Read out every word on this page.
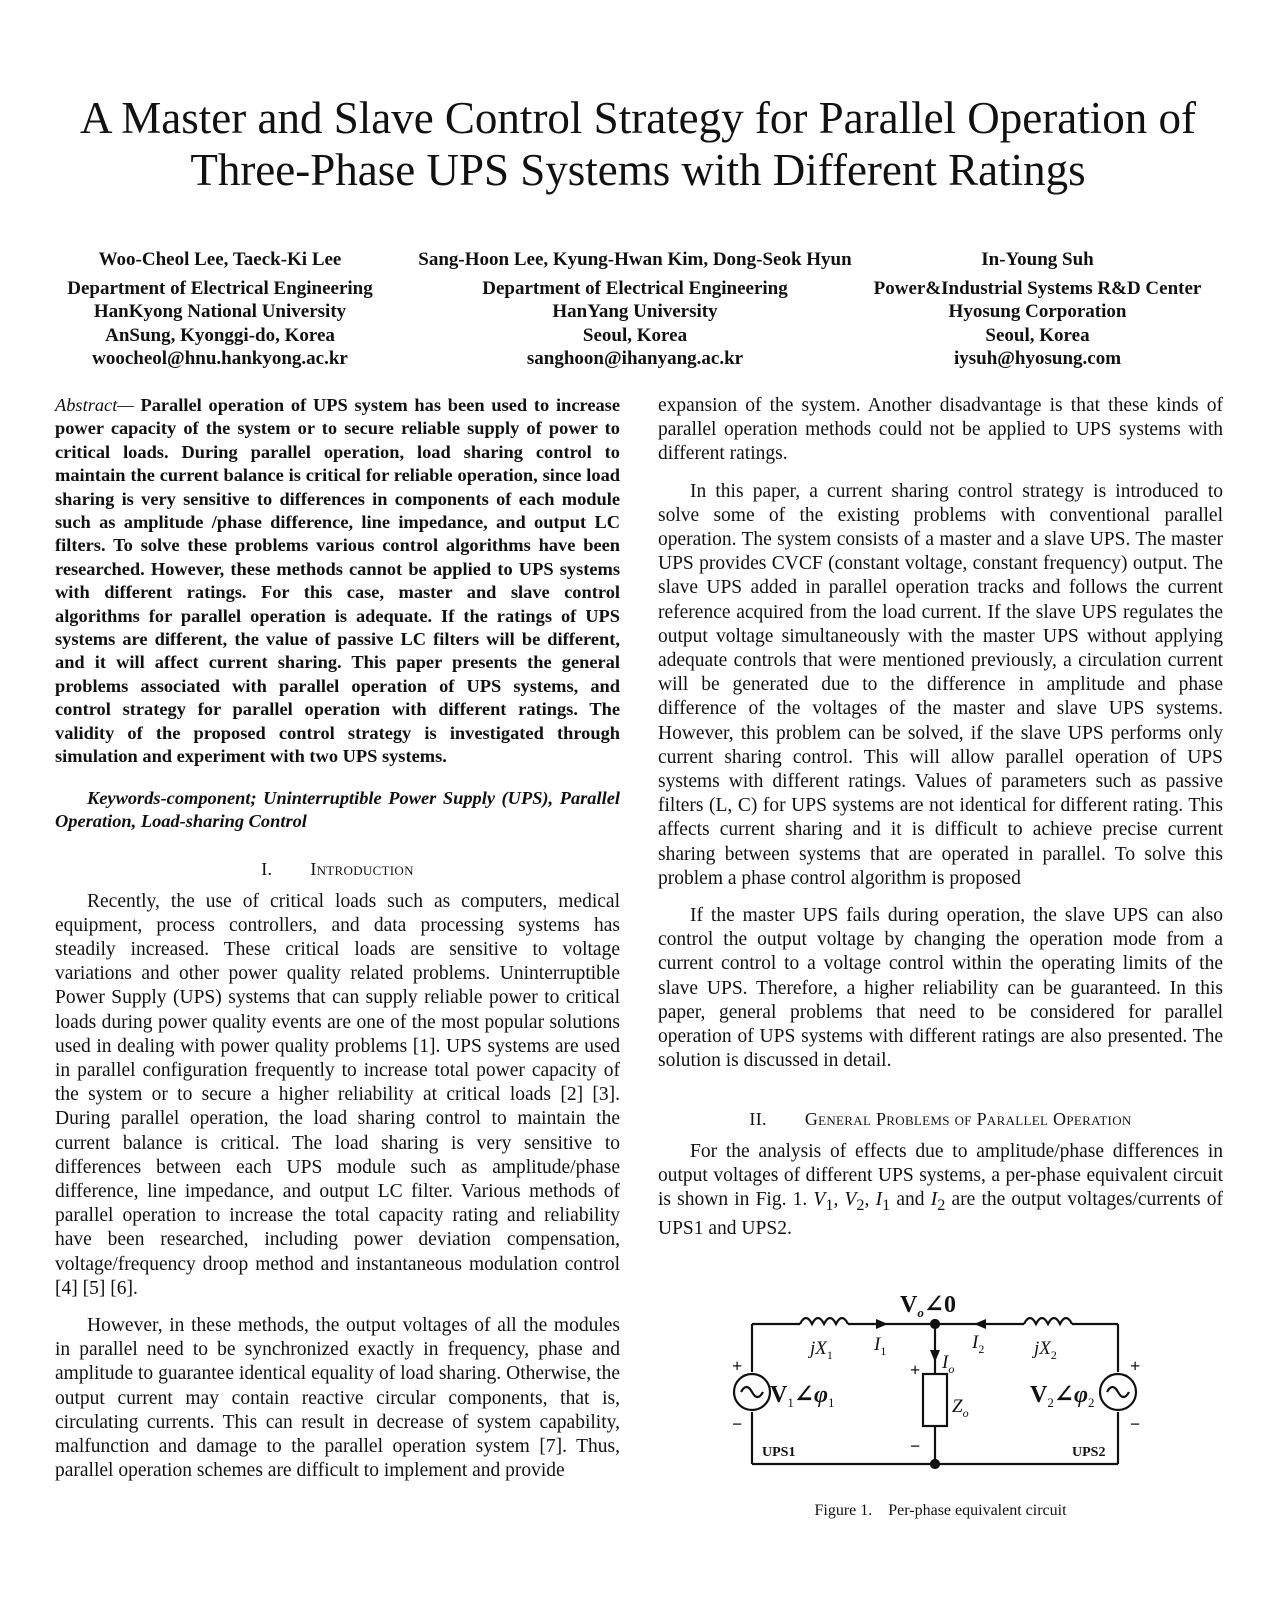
A Master and Slave Control Strategy for Parallel Operation of
Three-Phase UPS Systems with Different Ratings
Woo-Cheol Lee, Taeck-Ki Lee
Department of Electrical Engineering
HanKyong National University
AnSung, Kyonggi-do, Korea
woocheol@hnu.hankyong.ac.kr
Sang-Hoon Lee, Kyung-Hwan Kim, Dong-Seok Hyun
Department of Electrical Engineering
HanYang University
Seoul, Korea
sanghoon@ihanyang.ac.kr
In-Young Suh
Power&Industrial Systems R&D Center
Hyosung Corporation
Seoul, Korea
iysuh@hyosung.com

Abstract— Parallel operation of UPS system has been used to increase power capacity of the system or to secure reliable supply of power to critical loads. During parallel operation, load sharing control to maintain the current balance is critical for reliable operation, since load sharing is very sensitive to differences in components of each module such as amplitude /phase difference, line impedance, and output LC filters. To solve these problems various control algorithms have been researched. However, these methods cannot be applied to UPS systems with different ratings. For this case, master and slave control algorithms for parallel operation is adequate. If the ratings of UPS systems are different, the value of passive LC filters will be different, and it will affect current sharing. This paper presents the general problems associated with parallel operation of UPS systems, and control strategy for parallel operation with different ratings. The validity of the proposed control strategy is investigated through simulation and experiment with two UPS systems.

Keywords-component; Uninterruptible Power Supply (UPS), Parallel Operation, Load-sharing Control

I. Introduction

Recently, the use of critical loads such as computers, medical equipment, process controllers, and data processing systems has steadily increased. These critical loads are sensitive to voltage variations and other power quality related problems. Uninterruptible Power Supply (UPS) systems that can supply reliable power to critical loads during power quality events are one of the most popular solutions used in dealing with power quality problems [1]. UPS systems are used in parallel configuration frequently to increase total power capacity of the system or to secure a higher reliability at critical loads [2] [3]. During parallel operation, the load sharing control to maintain the current balance is critical. The load sharing is very sensitive to differences between each UPS module such as amplitude/phase difference, line impedance, and output LC filter. Various methods of parallel operation to increase the total capacity rating and reliability have been researched, including power deviation compensation, voltage/frequency droop method and instantaneous modulation control [4] [5] [6].

However, in these methods, the output voltages of all the modules in parallel need to be synchronized exactly in frequency, phase and amplitude to guarantee identical equality of load sharing. Otherwise, the output current may contain reactive circular components, that is, circulating currents. This can result in decrease of system capability, malfunction and damage to the parallel operation system [7]. Thus, parallel operation schemes are difficult to implement and provide

expansion of the system. Another disadvantage is that these kinds of parallel operation methods could not be applied to UPS systems with different ratings.

In this paper, a current sharing control strategy is introduced to solve some of the existing problems with conventional parallel operation. The system consists of a master and a slave UPS. The master UPS provides CVCF (constant voltage, constant frequency) output. The slave UPS added in parallel operation tracks and follows the current reference acquired from the load current. If the slave UPS regulates the output voltage simultaneously with the master UPS without applying adequate controls that were mentioned previously, a circulation current will be generated due to the difference in amplitude and phase difference of the voltages of the master and slave UPS systems. However, this problem can be solved, if the slave UPS performs only current sharing control. This will allow parallel operation of UPS systems with different ratings. Values of parameters such as passive filters (L, C) for UPS systems are not identical for different rating. This affects current sharing and it is difficult to achieve precise current sharing between systems that are operated in parallel. To solve this problem a phase control algorithm is proposed

If the master UPS fails during operation, the slave UPS can also control the output voltage by changing the operation mode from a current control to a voltage control within the operating limits of the slave UPS. Therefore, a higher reliability can be guaranteed. In this paper, general problems that need to be considered for parallel operation of UPS systems with different ratings are also presented. The solution is discussed in detail.

II. General Problems of Parallel Operation

For the analysis of effects due to amplitude/phase differences in output voltages of different UPS systems, a per-phase equivalent circuit is shown in Fig. 1. $V_1$, $V_2$, $I_1$ and $I_2$ are the output voltages/currents of UPS1 and UPS2.

$V_o\angle 0$
$jX_1$	$jX_2$
$I_1$	$I_2$
$I_o$
$Z_o$
$V_1\angle\varphi_1$	$V_2\angle\varphi_2$
+
−
+
−
+
−
UPS1	UPS2
Figure 1. Per-phase equivalent circuit
